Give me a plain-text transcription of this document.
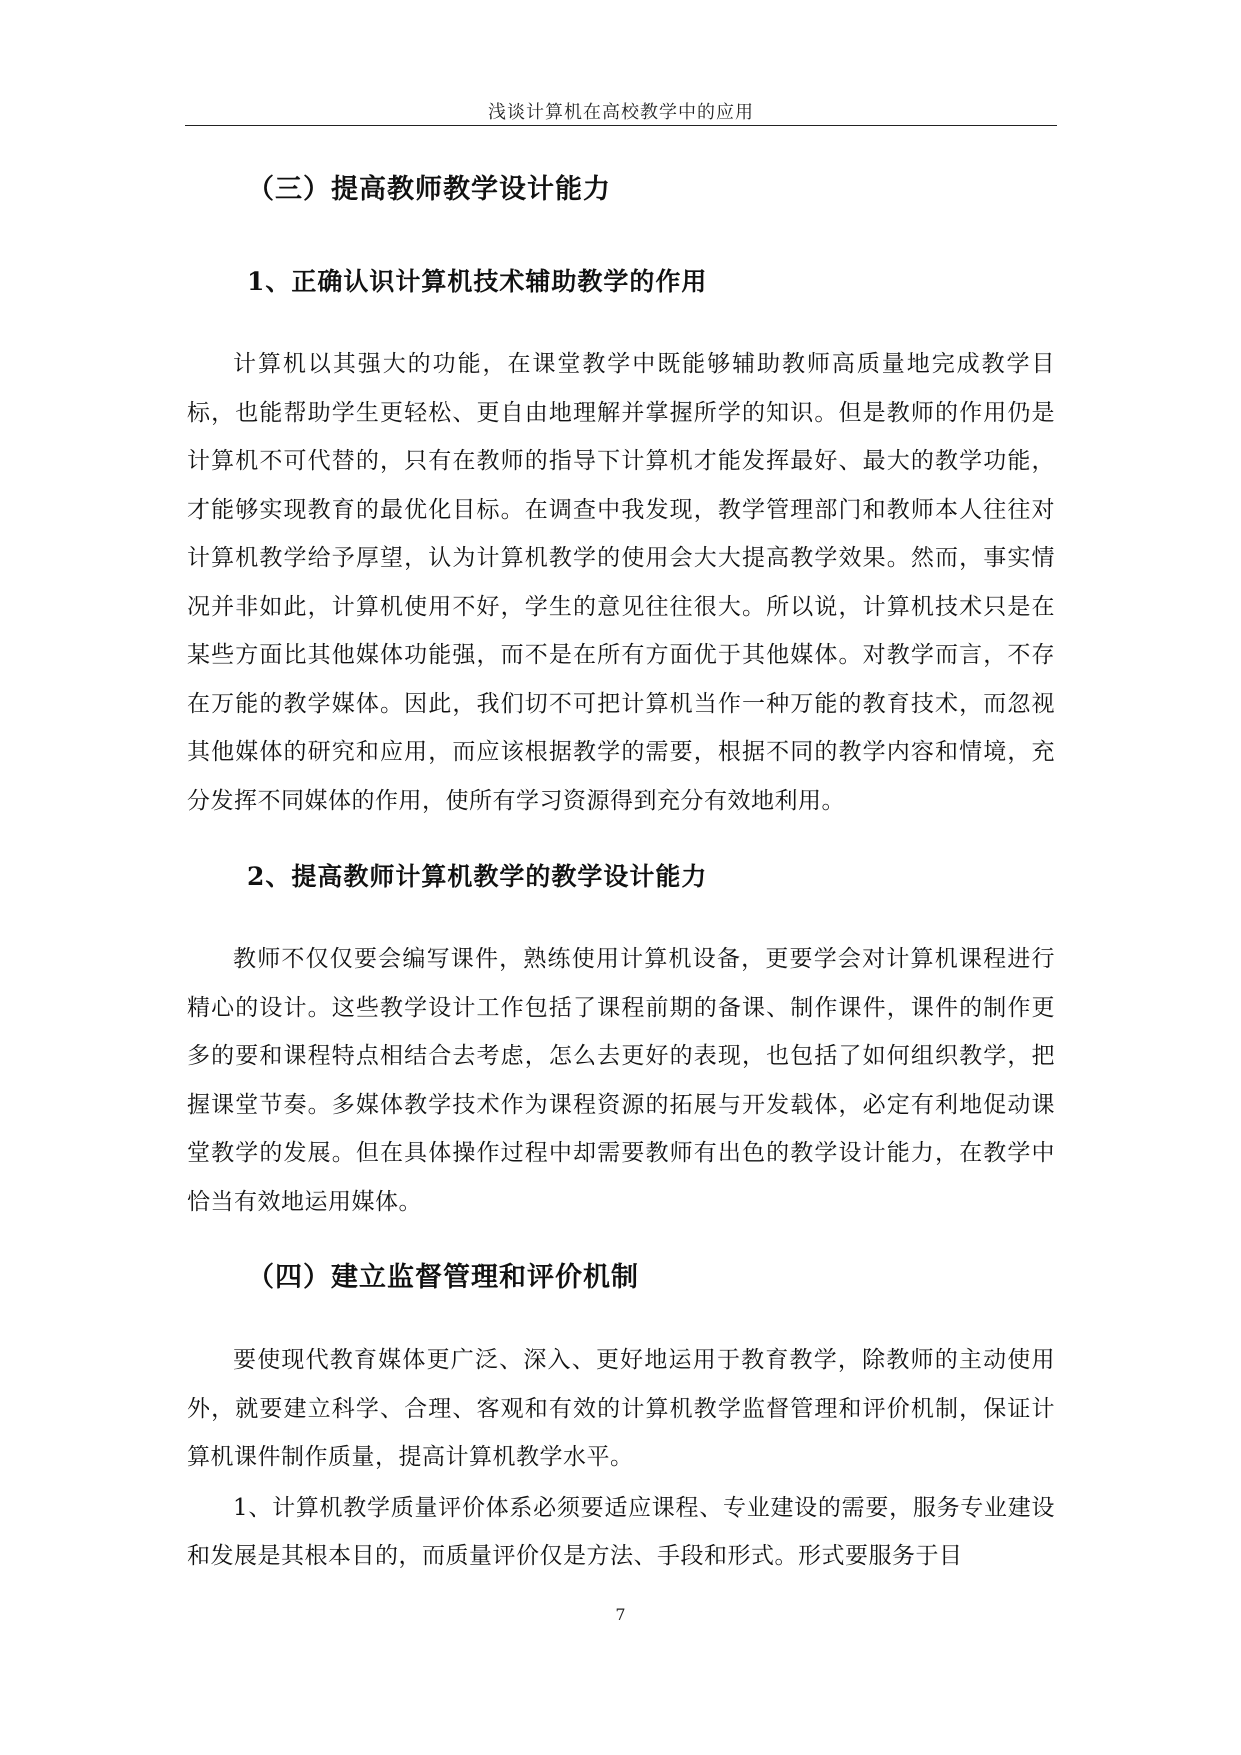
浅谈计算机在高校教学中的应用
（三）提高教师教学设计能力
1、正确认识计算机技术辅助教学的作用

计算机以其强大的功能，在课堂教学中既能够辅助教师高质量地完成教学目标，也能帮助学生更轻松、更自由地理解并掌握所学的知识。但是教师的作用仍是计算机不可代替的，只有在教师的指导下计算机才能发挥最好、最大的教学功能，才能够实现教育的最优化目标。在调查中我发现，教学管理部门和教师本人往往对计算机教学给予厚望，认为计算机教学的使用会大大提高教学效果。然而，事实情况并非如此，计算机使用不好，学生的意见往往很大。所以说，计算机技术只是在某些方面比其他媒体功能强，而不是在所有方面优于其他媒体。对教学而言，不存在万能的教学媒体。因此，我们切不可把计算机当作一种万能的教育技术，而忽视其他媒体的研究和应用，而应该根据教学的需要，根据不同的教学内容和情境，充分发挥不同媒体的作用，使所有学习资源得到充分有效地利用。

2、提高教师计算机教学的教学设计能力

教师不仅仅要会编写课件，熟练使用计算机设备，更要学会对计算机课程进行精心的设计。这些教学设计工作包括了课程前期的备课、制作课件，课件的制作更多的要和课程特点相结合去考虑，怎么去更好的表现，也包括了如何组织教学，把握课堂节奏。多媒体教学技术作为课程资源的拓展与开发载体，必定有利地促动课堂教学的发展。但在具体操作过程中却需要教师有出色的教学设计能力，在教学中恰当有效地运用媒体。

（四）建立监督管理和评价机制

要使现代教育媒体更广泛、深入、更好地运用于教育教学，除教师的主动使用外，就要建立科学、合理、客观和有效的计算机教学监督管理和评价机制，保证计算机课件制作质量，提高计算机教学水平。

1、计算机教学质量评价体系必须要适应课程、专业建设的需要，服务专业建设和发展是其根本目的，而质量评价仅是方法、手段和形式。形式要服务于目

7
